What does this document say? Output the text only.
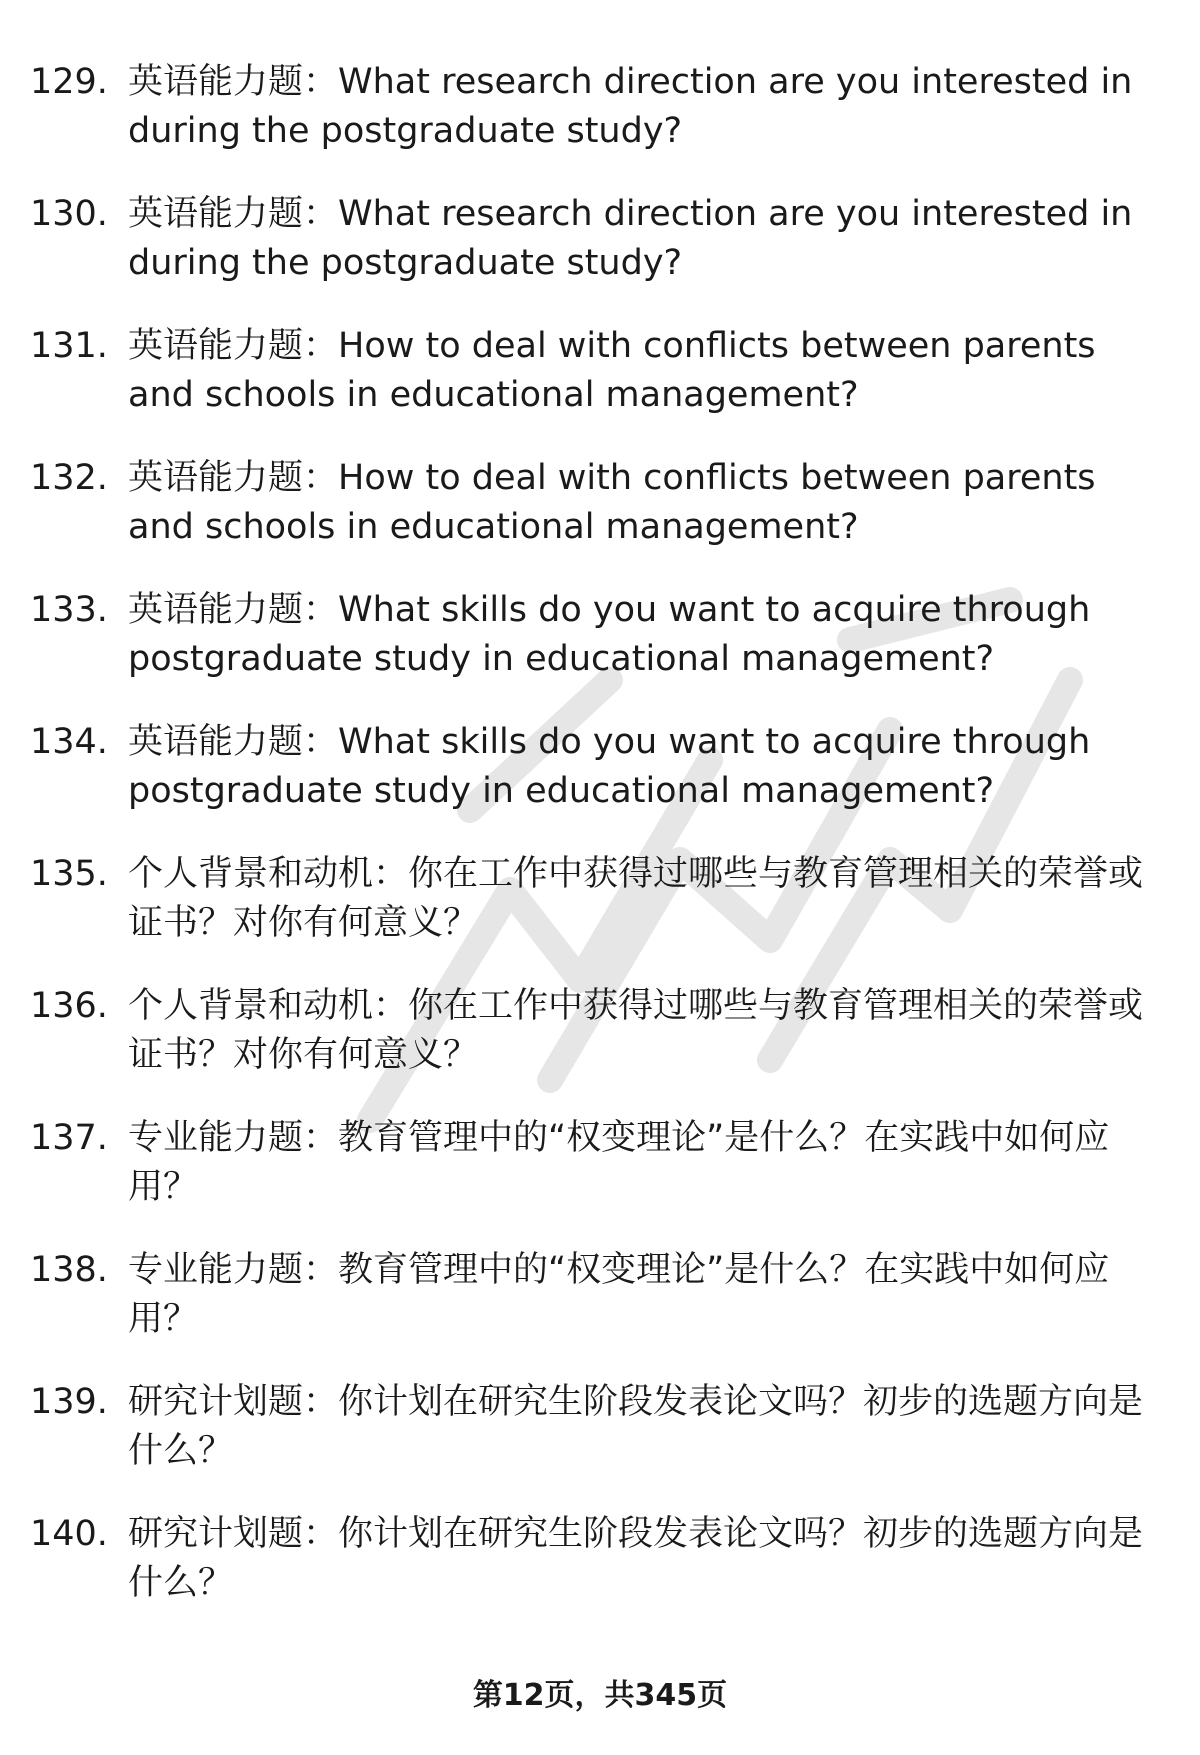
129. 英语能力题：What research direction are you interested in during the postgraduate study?
130. 英语能力题：What research direction are you interested in during the postgraduate study?
131. 英语能力题：How to deal with conflicts between parents and schools in educational management?
132. 英语能力题：How to deal with conflicts between parents and schools in educational management?
133. 英语能力题：What skills do you want to acquire through postgraduate study in educational management?
134. 英语能力题：What skills do you want to acquire through postgraduate study in educational management?
135. 个人背景和动机：你在工作中获得过哪些与教育管理相关的荣誉或证书？对你有何意义？
136. 个人背景和动机：你在工作中获得过哪些与教育管理相关的荣誉或证书？对你有何意义？
137. 专业能力题：教育管理中的“权变理论”是什么？在实践中如何应用？
138. 专业能力题：教育管理中的“权变理论”是什么？在实践中如何应用？
139. 研究计划题：你计划在研究生阶段发表论文吗？初步的选题方向是什么？
140. 研究计划题：你计划在研究生阶段发表论文吗？初步的选题方向是什么？
第12页，共345页
